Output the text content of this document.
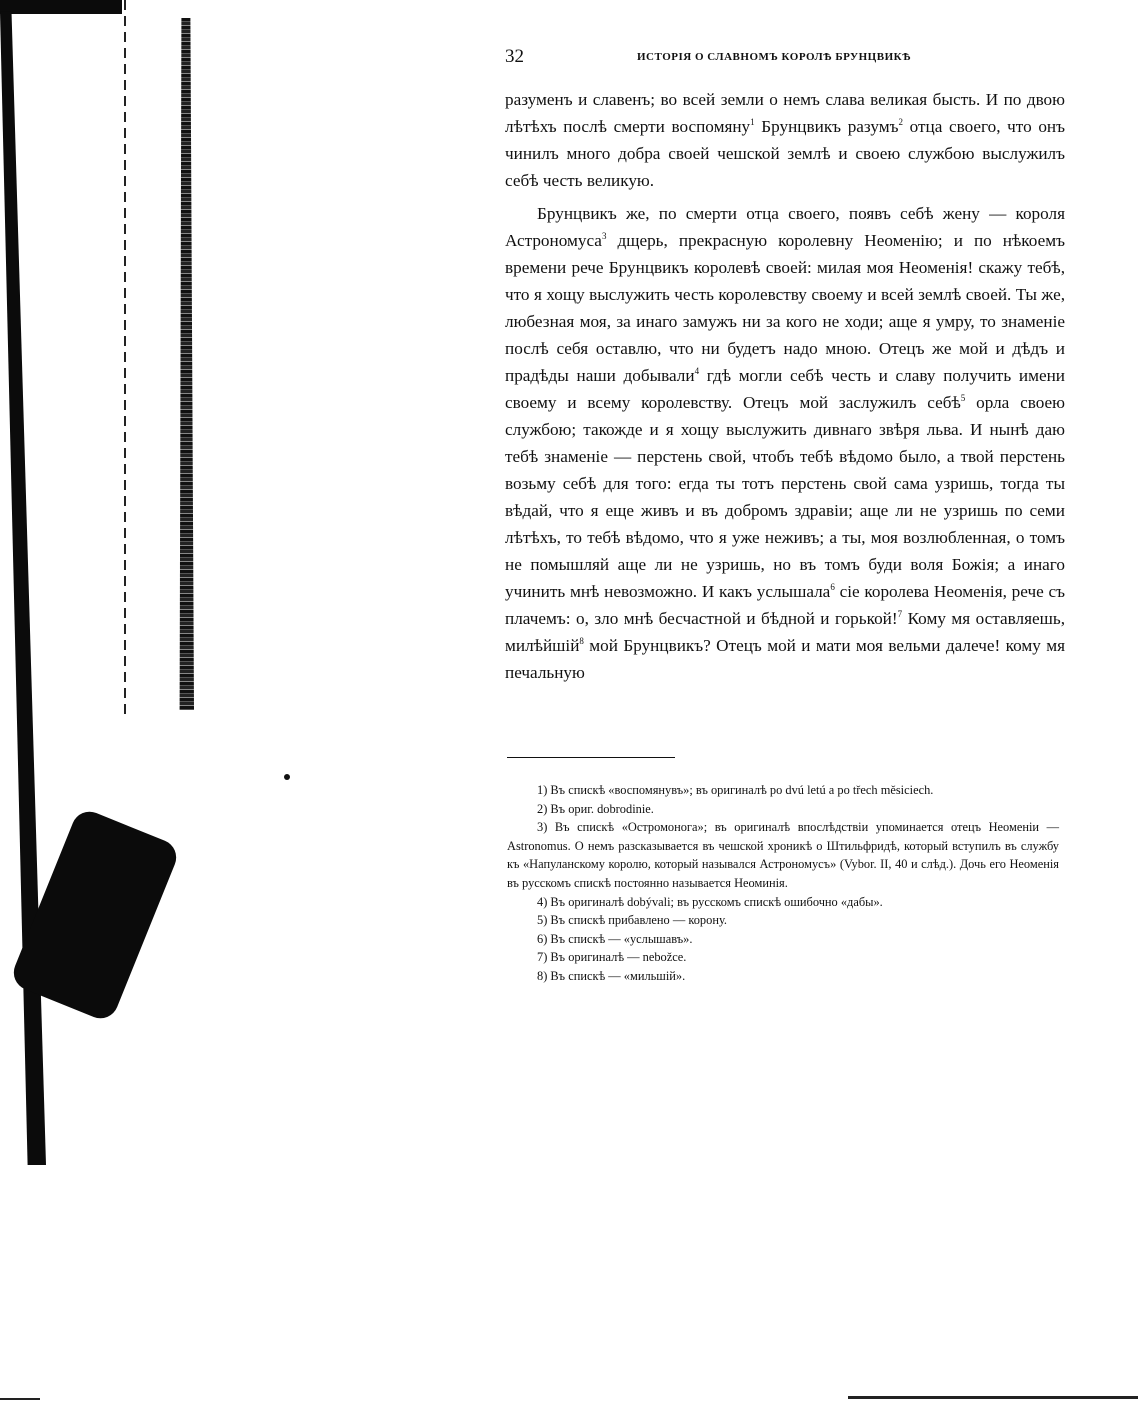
32	ИСТОРІЯ О СЛАВНОМЪ КОРОЛѢ БРУНЦВИКѢ

разуменъ и славенъ; во всей земли о немъ слава великая бысть. И по двою лѣтѣхъ послѣ смерти воспомяну$^1$ Брунцвикъ разумъ$^2$ отца своего, что онъ чинилъ много добра своей чешской землѣ и своею службою выслужилъ себѣ честь великую.

Брунцвикъ же, по смерти отца своего, появъ себѣ жену — короля Астрономуса$^3$ дщерь, прекрасную королевну Неоменію; и по нѣкоемъ времени рече Брунцвикъ королевѣ своей: милая моя Неоменія! скажу тебѣ, что я хощу выслужить честь королевству своему и всей землѣ своей. Ты же, любезная моя, за инаго замужъ ни за кого не ходи; аще я умру, то знаменіе послѣ себя оставлю, что ни будетъ надо мною. Отецъ же мой и дѣдъ и прадѣды наши добывали$^4$ гдѣ могли себѣ честь и славу получить имени своему и всему королевству. Отецъ мой заслужилъ себѣ$^5$ орла своею службою; такожде и я хощу выслужить дивнаго звѣря льва. И нынѣ даю тебѣ знаменіе — перстень свой, чтобъ тебѣ вѣдомо было, а твой перстень возьму себѣ для того: егда ты тотъ перстень свой сама узришь, тогда ты вѣдай, что я еще живъ и въ добромъ здравіи; аще ли не узришь по семи лѣтѣхъ, то тебѣ вѣдомо, что я уже неживъ; а ты, моя возлюбленная, о томъ не помышляй аще ли не узришь, но въ томъ буди воля Божія; а инаго учинить мнѣ невозможно. И какъ услышала$^6$ сіе королева Неоменія, рече съ плачемъ: о, зло мнѣ бесчастной и бѣдной и горькой!$^7$ Кому мя оставляешь, милѣйшій$^8$ мой Брунцвикъ? Отецъ мой и мати моя вельми далече! кому мя печальную

1) Въ спискѣ «воспомянувъ»; въ оригиналѣ po dvú letú a po třech měsiciech.

2) Въ ориг. dobrodinie.

3) Въ спискѣ «Остромонога»; въ оригиналѣ впослѣдствіи упоминается отецъ Неоменіи — Astronomus. О немъ разсказывается въ чешской хроникѣ о Штильфридѣ, который вступилъ въ службу къ «Напуланскому королю, который назывался Астрономусъ» (Vybor. II, 40 и слѣд.). Дочь его Неоменія въ русскомъ спискѣ постоянно называется Неоминія.

4) Въ оригиналѣ dobývali; въ русскомъ спискѣ ошибочно «дабы».

5) Въ спискѣ прибавлено — корону.

6) Въ спискѣ — «услышавъ».

7) Въ оригиналѣ — nebožce.

8) Въ спискѣ — «мильшій».
